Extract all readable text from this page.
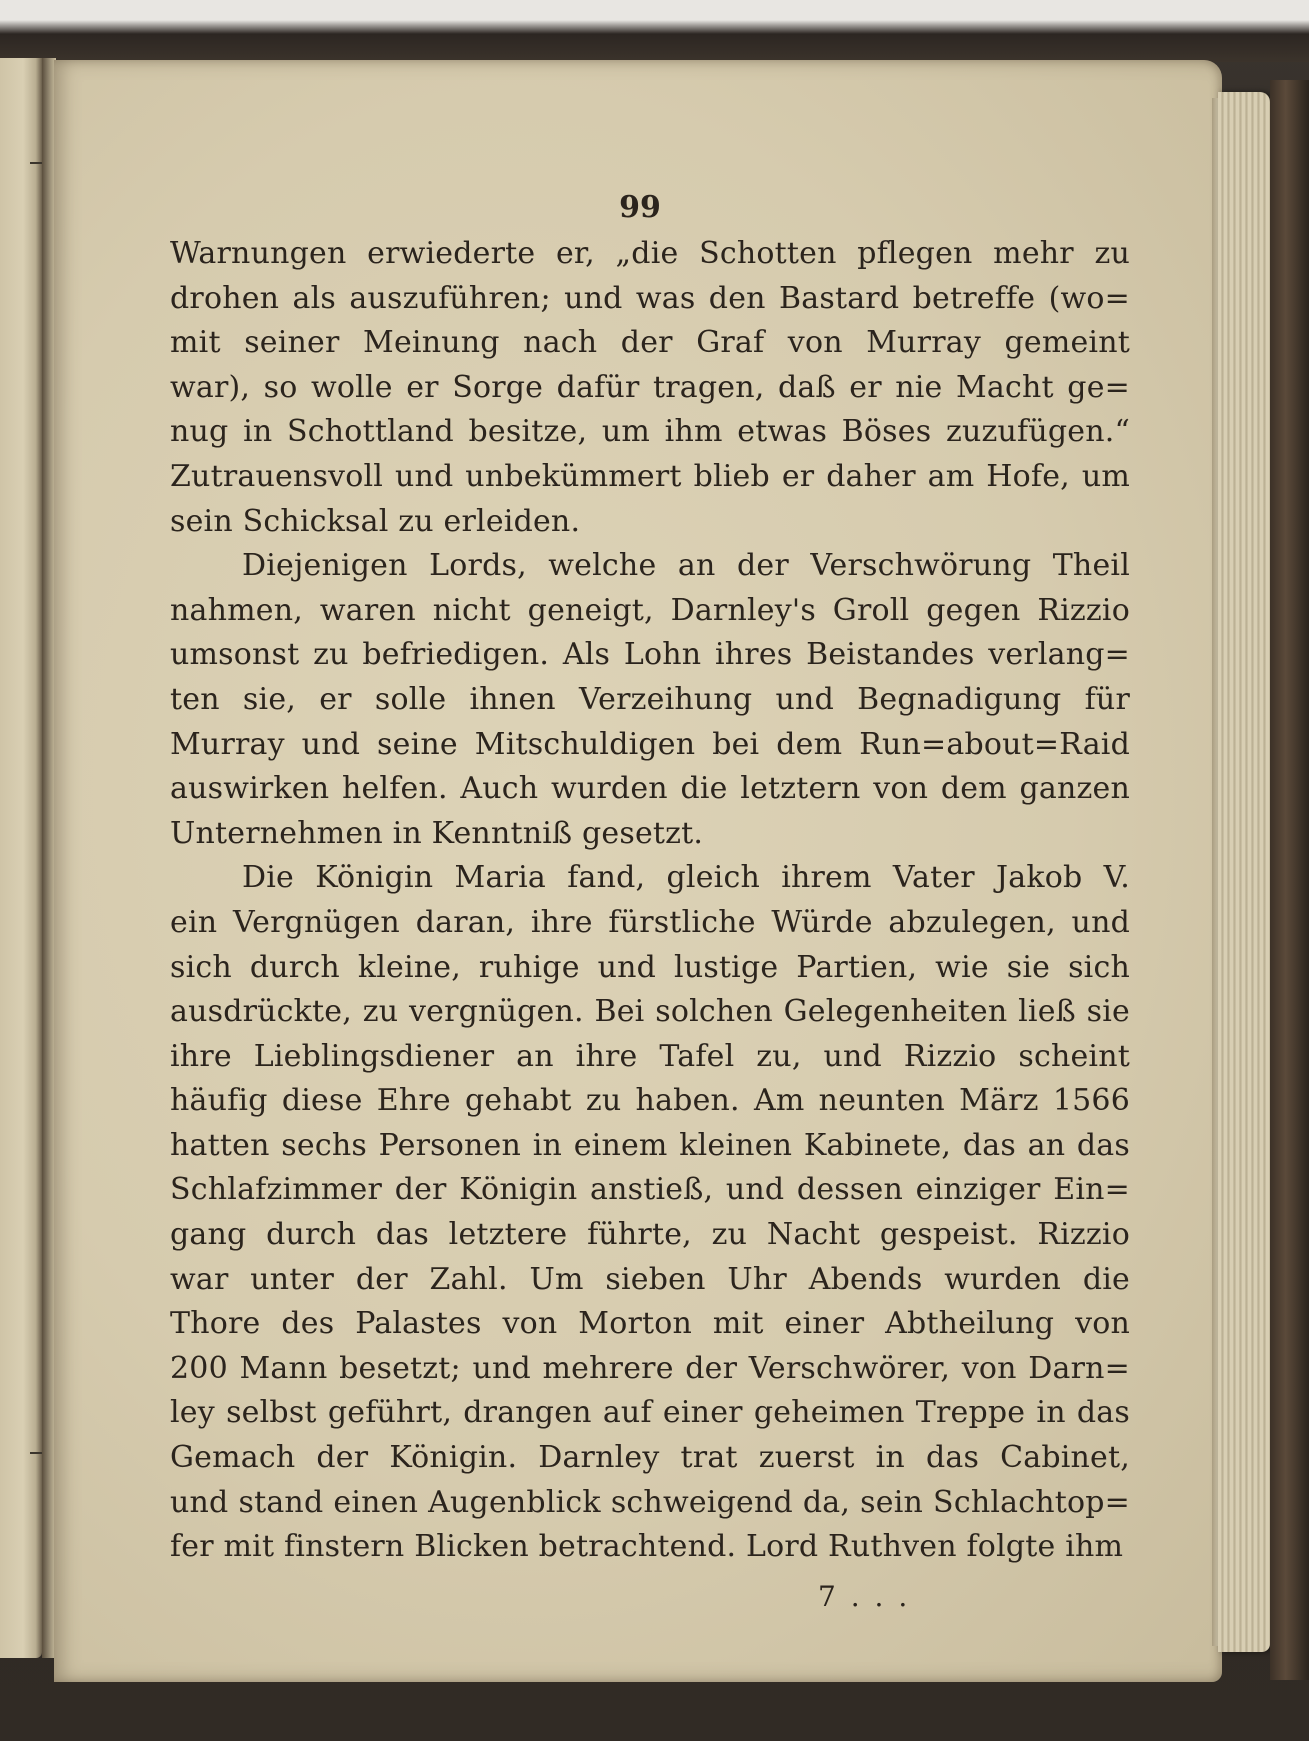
99
Warnungen erwiederte er, „die Schotten pflegen mehr zu
drohen als auszuführen; und was den Bastard betreffe (wo=
mit seiner Meinung nach der Graf von Murray gemeint
war), so wolle er Sorge dafür tragen, daß er nie Macht ge=
nug in Schottland besitze, um ihm etwas Böses zuzufügen.“
Zutrauensvoll und unbekümmert blieb er daher am Hofe, um
sein Schicksal zu erleiden.
Diejenigen Lords, welche an der Verschwörung Theil
nahmen, waren nicht geneigt, Darnley's Groll gegen Rizzio
umsonst zu befriedigen. Als Lohn ihres Beistandes verlang=
ten sie, er solle ihnen Verzeihung und Begnadigung für
Murray und seine Mitschuldigen bei dem Run=about=Raid
auswirken helfen. Auch wurden die letztern von dem ganzen
Unternehmen in Kenntniß gesetzt.
Die Königin Maria fand, gleich ihrem Vater Jakob V.
ein Vergnügen daran, ihre fürstliche Würde abzulegen, und
sich durch kleine, ruhige und lustige Partien, wie sie sich
ausdrückte, zu vergnügen. Bei solchen Gelegenheiten ließ sie
ihre Lieblingsdiener an ihre Tafel zu, und Rizzio scheint
häufig diese Ehre gehabt zu haben. Am neunten März 1566
hatten sechs Personen in einem kleinen Kabinete, das an das
Schlafzimmer der Königin anstieß, und dessen einziger Ein=
gang durch das letztere führte, zu Nacht gespeist. Rizzio
war unter der Zahl. Um sieben Uhr Abends wurden die
Thore des Palastes von Morton mit einer Abtheilung von
200 Mann besetzt; und mehrere der Verschwörer, von Darn=
ley selbst geführt, drangen auf einer geheimen Treppe in das
Gemach der Königin. Darnley trat zuerst in das Cabinet,
und stand einen Augenblick schweigend da, sein Schlachtop=
fer mit finstern Blicken betrachtend. Lord Ruthven folgte ihm
7 . . .
